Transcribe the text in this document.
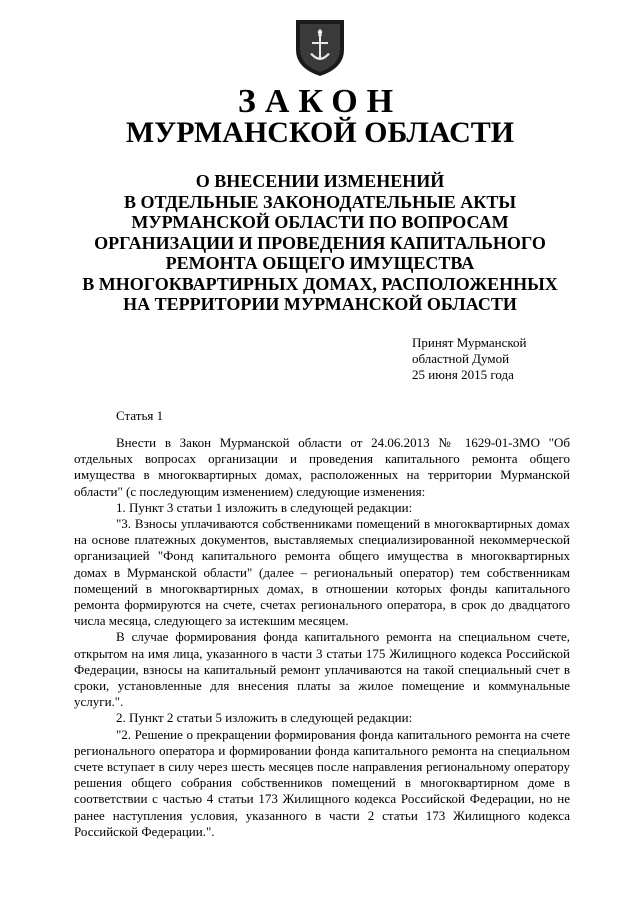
ЗАКОН
МУРМАНСКОЙ ОБЛАСТИ
О ВНЕСЕНИИ ИЗМЕНЕНИЙ
В ОТДЕЛЬНЫЕ ЗАКОНОДАТЕЛЬНЫЕ АКТЫ
МУРМАНСКОЙ ОБЛАСТИ ПО ВОПРОСАМ
ОРГАНИЗАЦИИ И ПРОВЕДЕНИЯ КАПИТАЛЬНОГО
РЕМОНТА ОБЩЕГО ИМУЩЕСТВА
В МНОГОКВАРТИРНЫХ ДОМАХ, РАСПОЛОЖЕННЫХ
НА ТЕРРИТОРИИ МУРМАНСКОЙ ОБЛАСТИ
Принят Мурманской
областной Думой
25 июня 2015 года
Статья 1

Внести в Закон Мурманской области от 24.06.2013 № 1629-01-ЗМО "Об отдельных вопросах организации и проведения капитального ремонта общего имущества в многоквартирных домах, расположенных на территории Мурманской области" (с последующим изменением) следующие изменения:

1. Пункт 3 статьи 1 изложить в следующей редакции:

"3. Взносы уплачиваются собственниками помещений в многоквартирных домах на основе платежных документов, выставляемых специализированной некоммерческой организацией "Фонд капитального ремонта общего имущества в многоквартирных домах в Мурманской области" (далее – региональный оператор) тем собственникам помещений в многоквартирных домах, в отношении которых фонды капитального ремонта формируются на счете, счетах регионального оператора, в срок до двадцатого числа месяца, следующего за истекшим месяцем.

В случае формирования фонда капитального ремонта на специальном счете, открытом на имя лица, указанного в части 3 статьи 175 Жилищного кодекса Российской Федерации, взносы на капитальный ремонт уплачиваются на такой специальный счет в сроки, установленные для внесения платы за жилое помещение и коммунальные услуги.".

2. Пункт 2 статьи 5 изложить в следующей редакции:

"2. Решение о прекращении формирования фонда капитального ремонта на счете регионального оператора и формировании фонда капитального ремонта на специальном счете вступает в силу через шесть месяцев после направления региональному оператору решения общего собрания собственников помещений в многоквартирном доме в соответствии с частью 4 статьи 173 Жилищного кодекса Российской Федерации, но не ранее наступления условия, указанного в части 2 статьи 173 Жилищного кодекса Российской Федерации.".
